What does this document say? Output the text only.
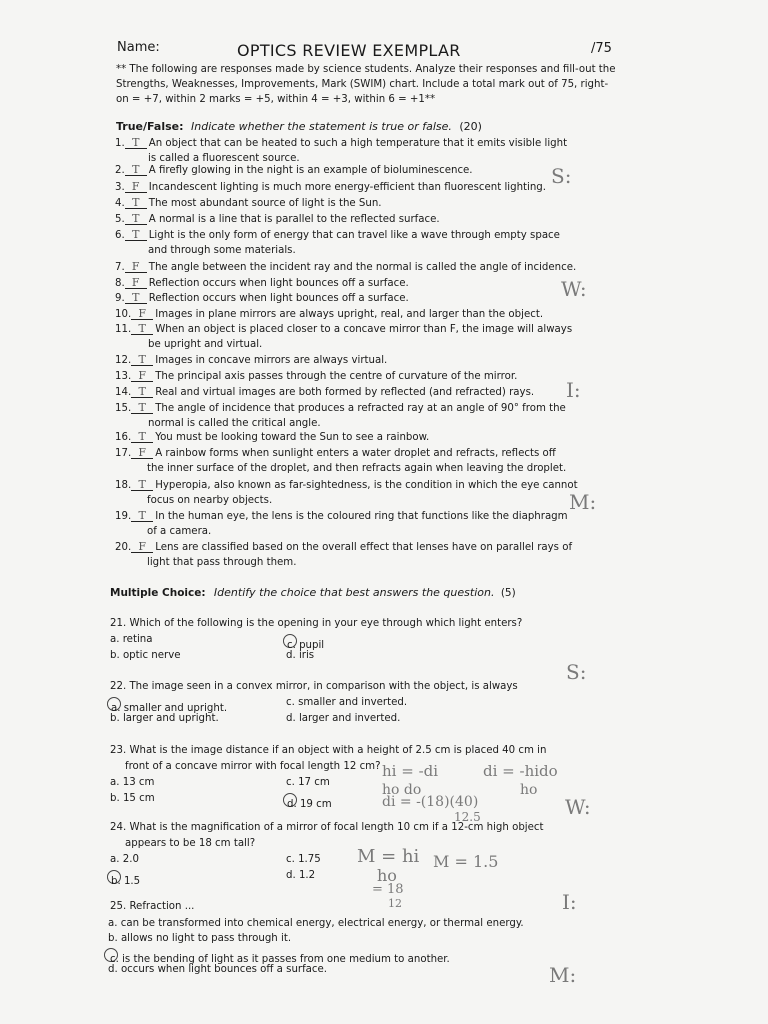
Name:	OPTICS REVIEW EXEMPLAR	/75
** The following are responses made by science students. Analyze their responses and fill-out the
Strengths, Weaknesses, Improvements, Mark (SWIM) chart. Include a total mark out of 75, right-
on = +7, within 2 marks = +5, within 4 = +3, within 6 = +1**
True/False: Indicate whether the statement is true or false. (20)
1. T An object that can be heated to such a high temperature that it emits visible light
is called a fluorescent source.
2. T A firefly glowing in the night is an example of bioluminescence.
3. F Incandescent lighting is much more energy-efficient than fluorescent lighting.
4. T The most abundant source of light is the Sun.
5. T A normal is a line that is parallel to the reflected surface.
6. T Light is the only form of energy that can travel like a wave through empty space
and through some materials.
7. F The angle between the incident ray and the normal is called the angle of incidence.
8. F Reflection occurs when light bounces off a surface.
9. T Reflection occurs when light bounces off a surface.
10. F Images in plane mirrors are always upright, real, and larger than the object.
11. T When an object is placed closer to a concave mirror than F, the image will always
be upright and virtual.
12. T Images in concave mirrors are always virtual.
13. F The principal axis passes through the centre of curvature of the mirror.
14. T Real and virtual images are both formed by reflected (and refracted) rays.
15. T The angle of incidence that produces a refracted ray at an angle of 90° from the
normal is called the critical angle.
16. T You must be looking toward the Sun to see a rainbow.
17. F A rainbow forms when sunlight enters a water droplet and refracts, reflects off
the inner surface of the droplet, and then refracts again when leaving the droplet.
18. T Hyperopia, also known as far-sightedness, is the condition in which the eye cannot
focus on nearby objects.
19. T In the human eye, the lens is the coloured ring that functions like the diaphragm
of a camera.
20. F Lens are classified based on the overall effect that lenses have on parallel rays of
light that pass through them.
Multiple Choice: Identify the choice that best answers the question. (5)
21. Which of the following is the opening in your eye through which light enters?
a. retina
c. pupil
b. optic nerve	d. iris
22. The image seen in a convex mirror, in comparison with the object, is always
a. smaller and upright.
c. smaller and inverted.
b. larger and upright.	d. larger and inverted.
23. What is the image distance if an object with a height of 2.5 cm is placed 40 cm in
front of a concave mirror with focal length 12 cm?
a. 13 cm	c. 17 cm
b. 15 cm
d. 19 cm
24. What is the magnification of a mirror of focal length 10 cm if a 12-cm high object
appears to be 18 cm tall?
a. 2.0	c. 1.75
b. 1.5
d. 1.2
25. Refraction ...
a. can be transformed into chemical energy, electrical energy, or thermal energy.
b. allows no light to pass through it.
c. is the bending of light as it passes from one medium to another.
d. occurs when light bounces off a surface.
S:
W:
I:
M:
S:
W:
I:
M:
hi = -di
ho do
di = -hido
ho
di = -(18)(40)
12.5
M = hi
ho
= 18
12
M = 1.5
